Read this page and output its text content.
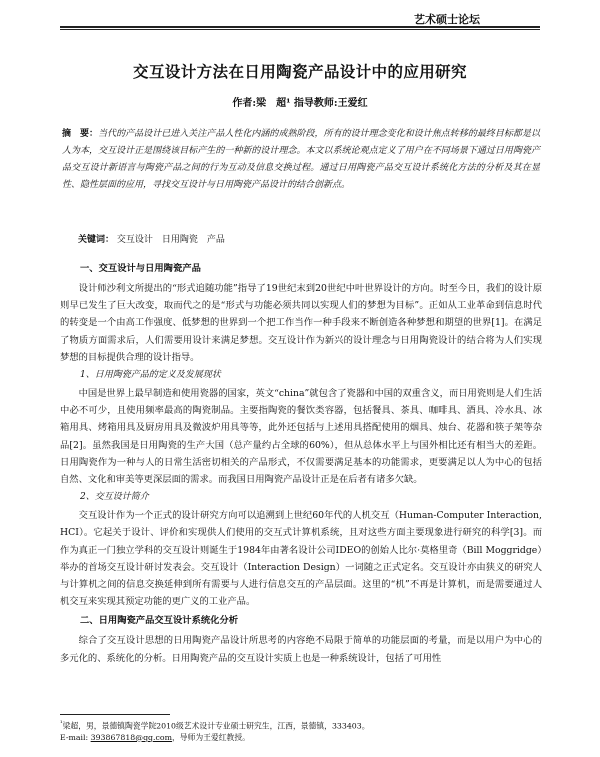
艺术硕士论坛
交互设计方法在日用陶瓷产品设计中的应用研究
作者:梁　超¹ 指导教师:王爱红
摘　要：当代的产品设计已进入关注产品人性化内涵的成熟阶段，所有的设计理念变化和设计焦点转移的最终目标都是以人为本，交互设计正是围绕该目标产生的一种新的设计理念。本文以系统论观点定义了用户在不同场景下通过日用陶瓷产品交互设计新语言与陶瓷产品之间的行为互动及信息交换过程。通过日用陶瓷产品交互设计系统化方法的分析及其在显性、隐性层面的应用，寻找交互设计与日用陶瓷产品设计的结合创新点。
关键词： 交互设计　日用陶瓷　产品
一、交互设计与日用陶瓷产品

设计师沙利文所提出的“形式追随功能”指导了19世纪末到20世纪中叶世界设计的方向。时至今日，我们的设计原则早已发生了巨大改变，取而代之的是“形式与功能必须共同以实现人们的梦想为目标”。正如从工业革命到信息时代的转变是一个由高工作强度、低梦想的世界到一个把工作当作一种手段来不断创造各种梦想和期望的世界[1]。在满足了物质方面需求后，人们需要用设计来满足梦想。交互设计作为新兴的设计理念与日用陶瓷设计的结合将为人们实现梦想的目标提供合理的设计指导。

1、日用陶瓷产品的定义及发展现状

中国是世界上最早制造和使用瓷器的国家，英文“china”就包含了瓷器和中国的双重含义，而日用瓷则是人们生活中必不可少，且使用频率最高的陶瓷制品。主要指陶瓷的餐饮类容器，包括餐具、茶具、咖啡具、酒具、冷水具、冰箱用具、烤箱用具及厨房用具及微波炉用具等等，此外还包括与上述用具搭配使用的烟具、烛台、花器和筷子架等杂品[2]。虽然我国是日用陶瓷的生产大国（总产量约占全球的60%），但从总体水平上与国外相比还有相当大的差距。日用陶瓷作为一种与人的日常生活密切相关的产品形式，不仅需要满足基本的功能需求，更要满足以人为中心的包括自然、文化和审美等更深层面的需求。而我国日用陶瓷产品设计正是在后者有诸多欠缺。

2、交互设计简介

交互设计作为一个正式的设计研究方向可以追溯到上世纪60年代的人机交互（Human-Computer Interaction, HCI）。它起关于设计、评价和实现供人们使用的交互式计算机系统，且对这些方面主要现象进行研究的科学[3]。而作为真正一门独立学科的交互设计则诞生于1984年由著名设计公司IDEO的创始人比尔·莫格里奇（Bill Moggridge）举办的首场交互设计研讨发表会。交互设计（Interaction Design）一词随之正式定名。交互设计亦由狭义的研究人与计算机之间的信息交换延伸到所有需要与人进行信息交互的产品层面。这里的“机”不再是计算机，而是需要通过人机交互来实现其预定功能的更广义的工业产品。

二、日用陶瓷产品交互设计系统化分析

综合了交互设计思想的日用陶瓷产品设计所思考的内容绝不局限于简单的功能层面的考量，而是以用户为中心的多元化的、系统化的分析。日用陶瓷产品的交互设计实质上也是一种系统设计，包括了可用性

$^{^1}$梁超，男，景德镇陶瓷学院2010级艺术设计专业硕士研究生，江西，景德镇，333403。
E-mail: 393867818@qq.com，导师为王爱红教授。
